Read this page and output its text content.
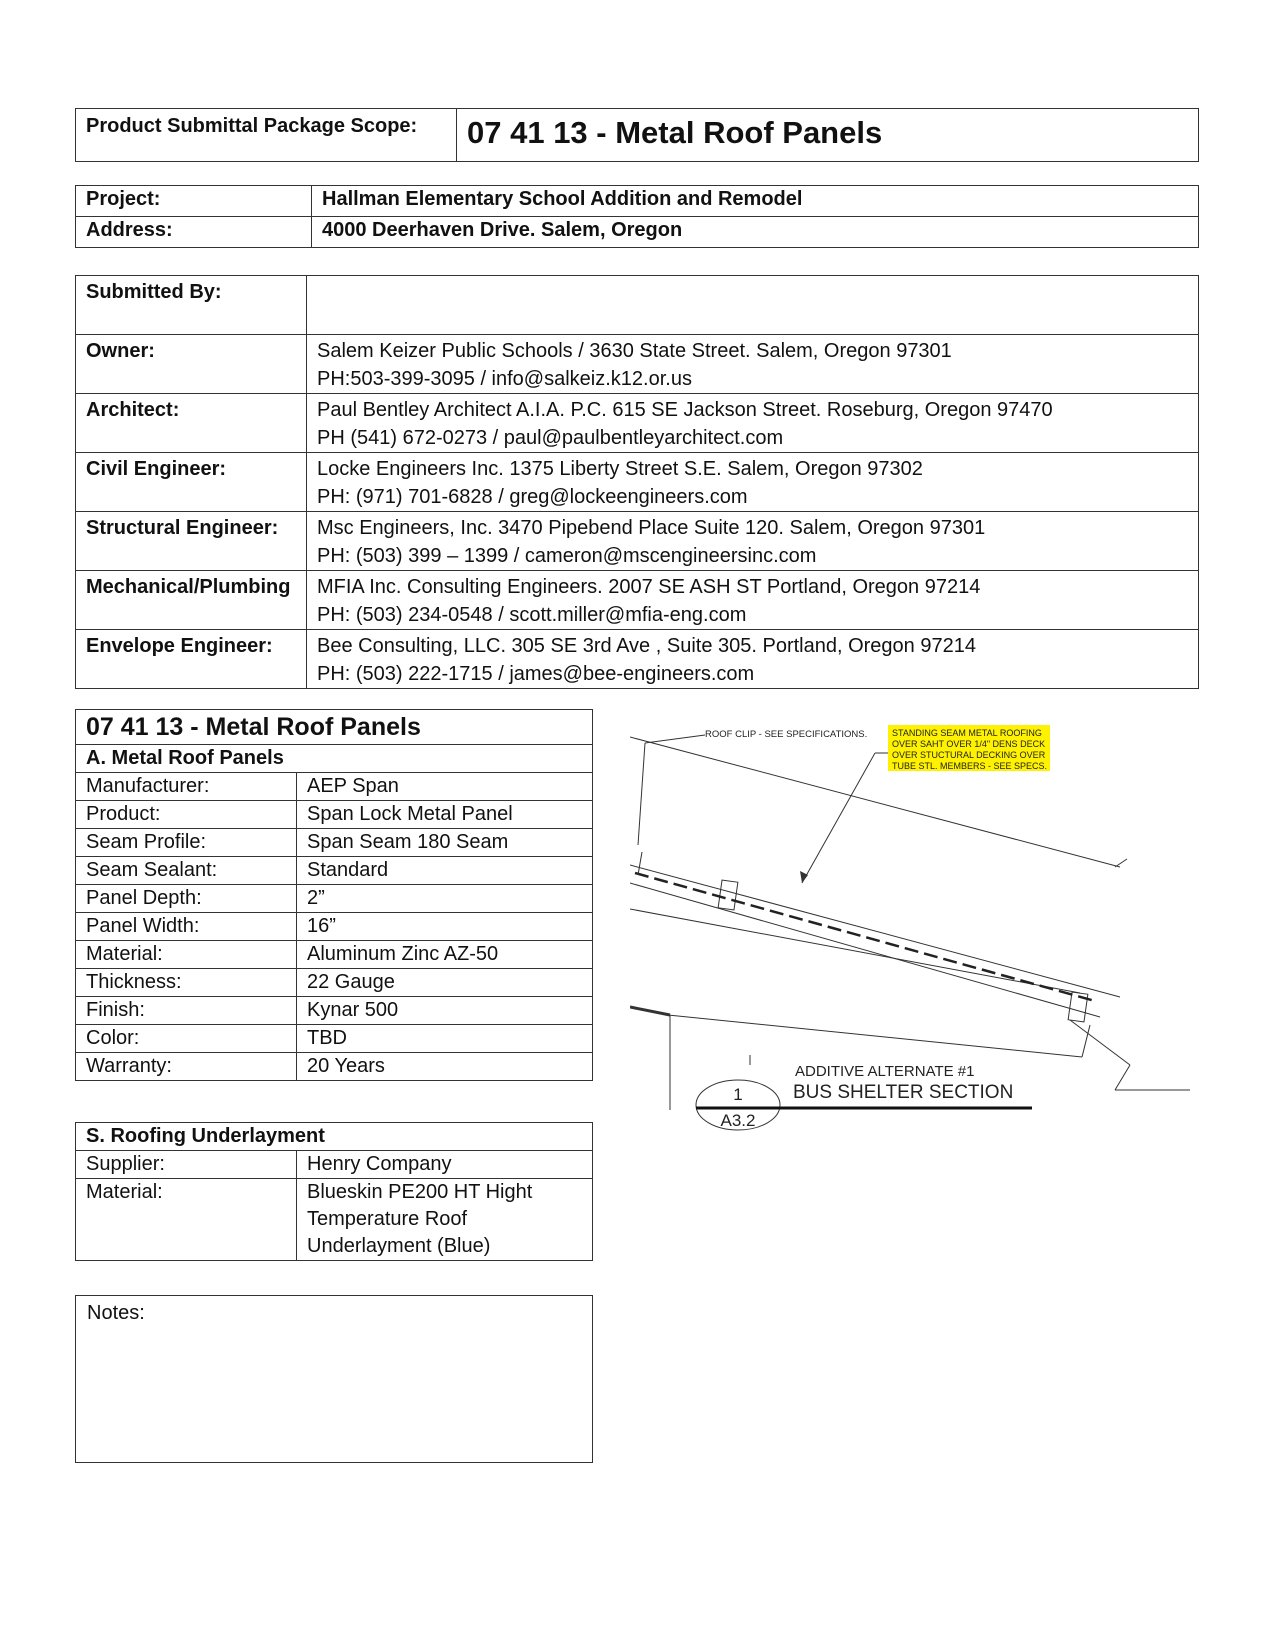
Product Submittal Package Scope:	07 41 13 - Metal Roof Panels
Project:	Hallman Elementary School Addition and Remodel
Address:	4000 Deerhaven Drive. Salem, Oregon
Submitted By:	
Owner:	Salem Keizer Public Schools / 3630 State Street. Salem, Oregon 97301
PH:503-399-3095 / info@salkeiz.k12.or.us

Architect:	Paul Bentley Architect A.I.A. P.C. 615 SE Jackson Street. Roseburg, Oregon 97470
PH (541) 672-0273 / paul@paulbentleyarchitect.com

Civil Engineer:	Locke Engineers Inc. 1375 Liberty Street S.E. Salem, Oregon 97302
PH: (971) 701-6828 / greg@lockeengineers.com

Structural Engineer:	Msc Engineers, Inc. 3470 Pipebend Place Suite 120. Salem, Oregon 97301
PH: (503) 399 – 1399 / cameron@mscengineersinc.com

Mechanical/Plumbing	MFIA Inc. Consulting Engineers. 2007 SE ASH ST Portland, Oregon 97214
PH: (503) 234-0548 / scott.miller@mfia-eng.com

Envelope Engineer:	Bee Consulting, LLC. 305 SE 3rd Ave , Suite 305. Portland, Oregon 97214
PH: (503) 222-1715 / james@bee-engineers.com
07 41 13 - Metal Roof Panels	
A. Metal Roof Panels	
Manufacturer:	AEP Span
Product:	Span Lock Metal Panel
Seam Profile:	Span Seam 180 Seam
Seam Sealant:	Standard
Panel Depth:	2”
Panel Width:	16”
Material:	Aluminum Zinc AZ-50
Thickness:	22 Gauge
Finish:	Kynar 500
Color:	TBD
Warranty:	20 Years
S. Roofing Underlayment	
Supplier:	Henry Company
Material:	Blueskin PE200 HT Hight
Temperature Roof
Underlayment (Blue)
Notes:
ROOF CLIP - SEE SPECIFICATIONS.	STANDING SEAM METAL ROOFING
OVER SAHT OVER 1/4" DENS DECK
OVER STUCTURAL DECKING OVER
TUBE STL. MEMBERS - SEE SPECS.
1
A3.2
ADDITIVE ALTERNATE #1
BUS SHELTER SECTION
